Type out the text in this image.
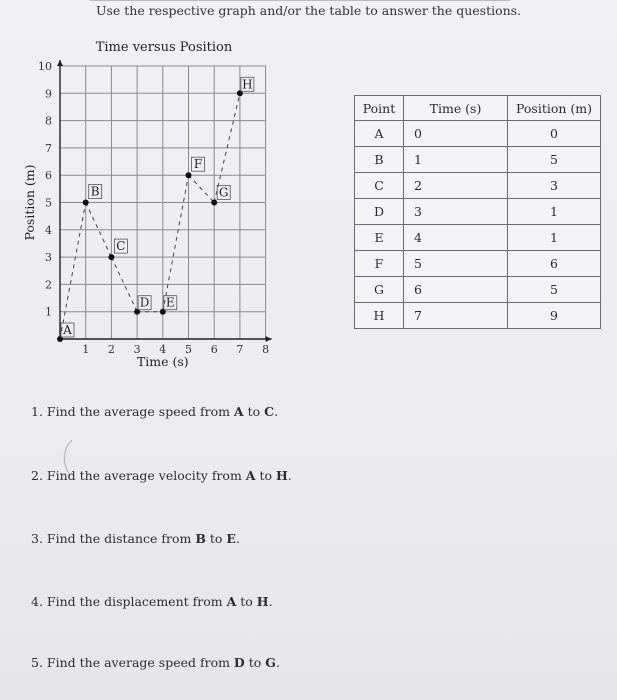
Use the respective graph and/or the table to answer the questions.
Time versus Position
1 2 3 4 5 6 7 8
1
2
3
4
5
6
7
8
9
10
Time (s)
Position (m)
A
B
C
D E
F
G
H
Point	Time (s)	Position (m)
A	0	0
B	1	5
C	2	3
D	3	1
E	4	1
F	5	6
G	6	5
H	7	9
1. Find the average speed from A to C.
2. Find the average velocity from A to H.
3. Find the distance from B to E.
4. Find the displacement from A to H.
5. Find the average speed from D to G.
